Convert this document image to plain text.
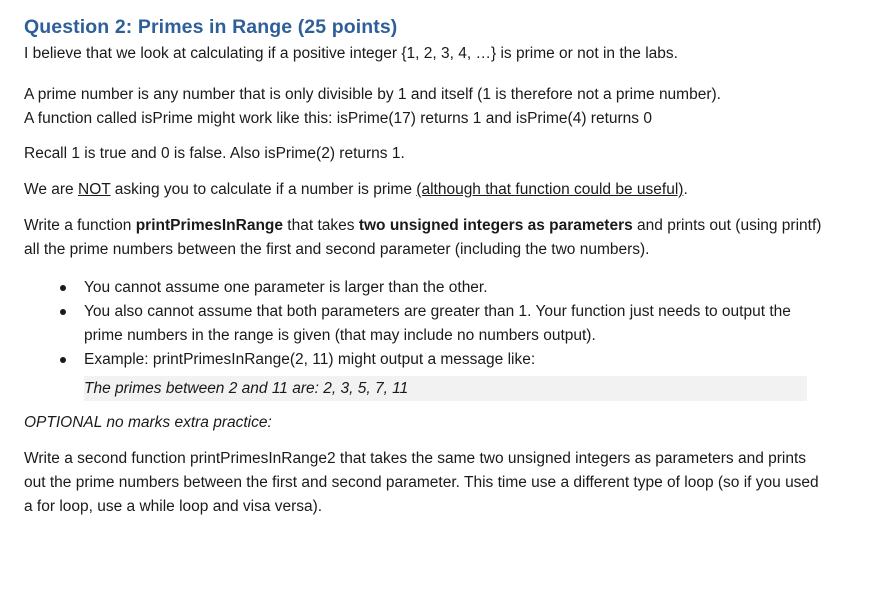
Question 2: Primes in Range (25 points)

I believe that we look at calculating if a positive integer {1, 2, 3, 4, …} is prime or not in the labs.

A prime number is any number that is only divisible by 1 and itself (1 is therefore not a prime number).

A function called isPrime might work like this: isPrime(17) returns 1 and isPrime(4) returns 0

Recall 1 is true and 0 is false. Also isPrime(2) returns 1.

We are NOT asking you to calculate if a number is prime (although that function could be useful).

Write a function printPrimesInRange that takes two unsigned integers as parameters and prints out (using printf) all the prime numbers between the first and second parameter (including the two numbers).

You cannot assume one parameter is larger than the other.
You also cannot assume that both parameters are greater than 1. Your function just needs to output the prime numbers in the range is given (that may include no numbers output).
Example: printPrimesInRange(2, 11) might output a message like:
The primes between 2 and 11 are: 2, 3, 5, 7, 11

OPTIONAL no marks extra practice:

Write a second function printPrimesInRange2 that takes the same two unsigned integers as parameters and prints out the prime numbers between the first and second parameter. This time use a different type of loop (so if you used a for loop, use a while loop and visa versa).
